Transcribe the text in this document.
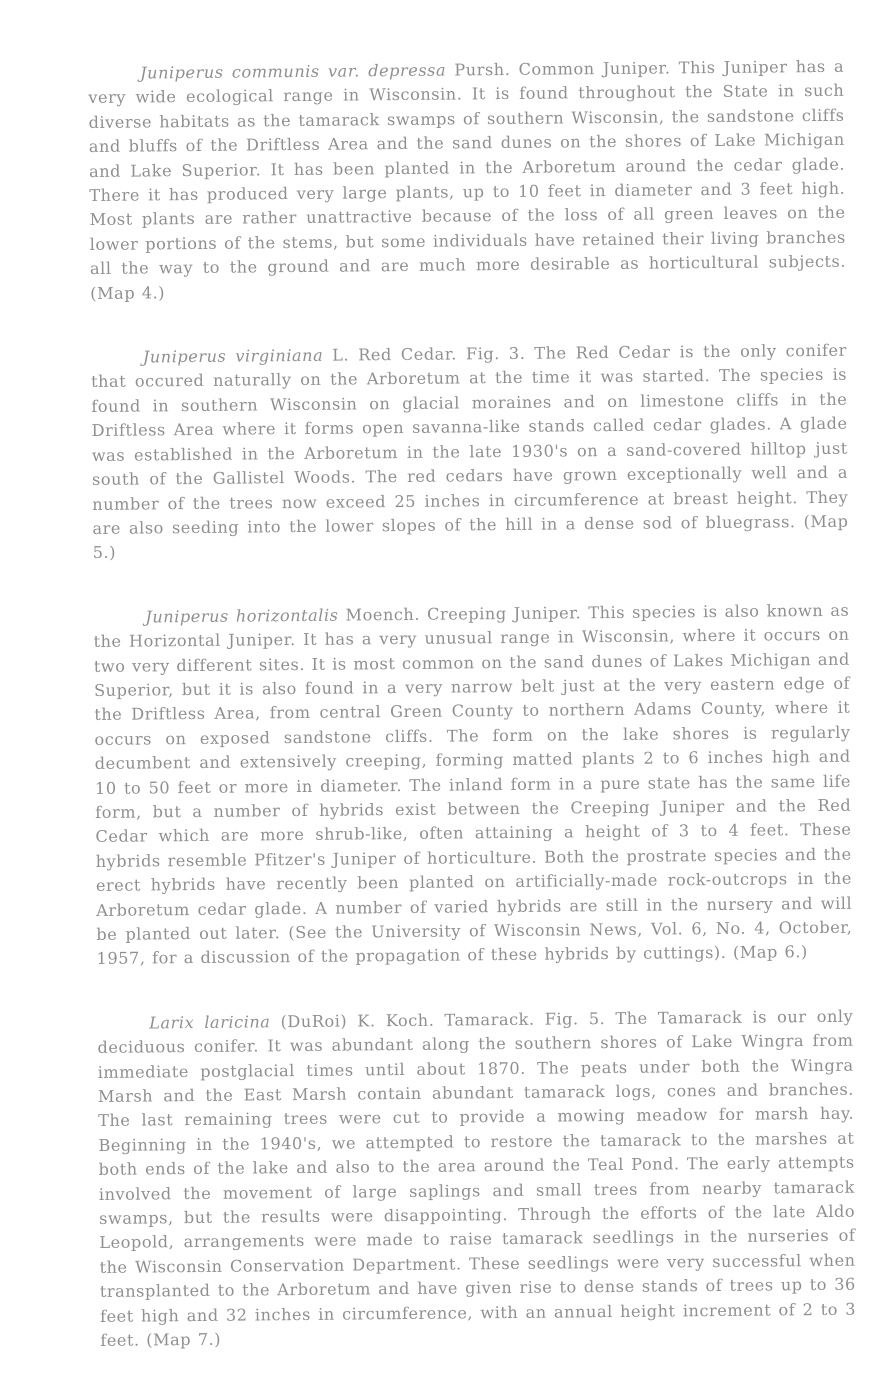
Juniperus communis var. depressa Pursh. Common Juniper. This Juniper has a very wide ecological range in Wisconsin. It is found throughout the State in such diverse habitats as the tamarack swamps of southern Wisconsin, the sandstone cliffs and bluffs of the Driftless Area and the sand dunes on the shores of Lake Michigan and Lake Superior. It has been planted in the Arboretum around the cedar glade. There it has produced very large plants, up to 10 feet in diameter and 3 feet high. Most plants are rather unattractive because of the loss of all green leaves on the lower portions of the stems, but some individuals have retained their living branches all the way to the ground and are much more desirable as horticultural subjects. (Map 4.)

Juniperus virginiana L. Red Cedar. Fig. 3. The Red Cedar is the only conifer that occured naturally on the Arboretum at the time it was started. The species is found in southern Wisconsin on glacial moraines and on limestone cliffs in the Driftless Area where it forms open savanna-like stands called cedar glades. A glade was established in the Arboretum in the late 1930's on a sand-covered hilltop just south of the Gallistel Woods. The red cedars have grown exceptionally well and a number of the trees now exceed 25 inches in circumference at breast height. They are also seeding into the lower slopes of the hill in a dense sod of bluegrass. (Map 5.)

Juniperus horizontalis Moench. Creeping Juniper. This species is also known as the Horizontal Juniper. It has a very unusual range in Wisconsin, where it occurs on two very different sites. It is most common on the sand dunes of Lakes Michigan and Superior, but it is also found in a very narrow belt just at the very eastern edge of the Driftless Area, from central Green County to northern Adams County, where it occurs on exposed sandstone cliffs. The form on the lake shores is regularly decumbent and extensively creeping, forming matted plants 2 to 6 inches high and 10 to 50 feet or more in diameter. The inland form in a pure state has the same life form, but a number of hybrids exist between the Creeping Juniper and the Red Cedar which are more shrub-like, often attaining a height of 3 to 4 feet. These hybrids resemble Pfitzer's Juniper of horticulture. Both the prostrate species and the erect hybrids have recently been planted on artificially-made rock-outcrops in the Arboretum cedar glade. A number of varied hybrids are still in the nursery and will be planted out later. (See the University of Wisconsin News, Vol. 6, No. 4, October, 1957, for a discussion of the propagation of these hybrids by cuttings). (Map 6.)

Larix laricina (DuRoi) K. Koch. Tamarack. Fig. 5. The Tamarack is our only deciduous conifer. It was abundant along the southern shores of Lake Wingra from immediate postglacial times until about 1870. The peats under both the Wingra Marsh and the East Marsh contain abundant tamarack logs, cones and branches. The last remaining trees were cut to provide a mowing meadow for marsh hay. Beginning in the 1940's, we attempted to restore the tamarack to the marshes at both ends of the lake and also to the area around the Teal Pond. The early attempts involved the movement of large saplings and small trees from nearby tamarack swamps, but the results were disappointing. Through the efforts of the late Aldo Leopold, arrangements were made to raise tamarack seedlings in the nurseries of the Wisconsin Conservation Department. These seedlings were very successful when transplanted to the Arboretum and have given rise to dense stands of trees up to 36 feet high and 32 inches in circumference, with an annual height increment of 2 to 3 feet. (Map 7.)
